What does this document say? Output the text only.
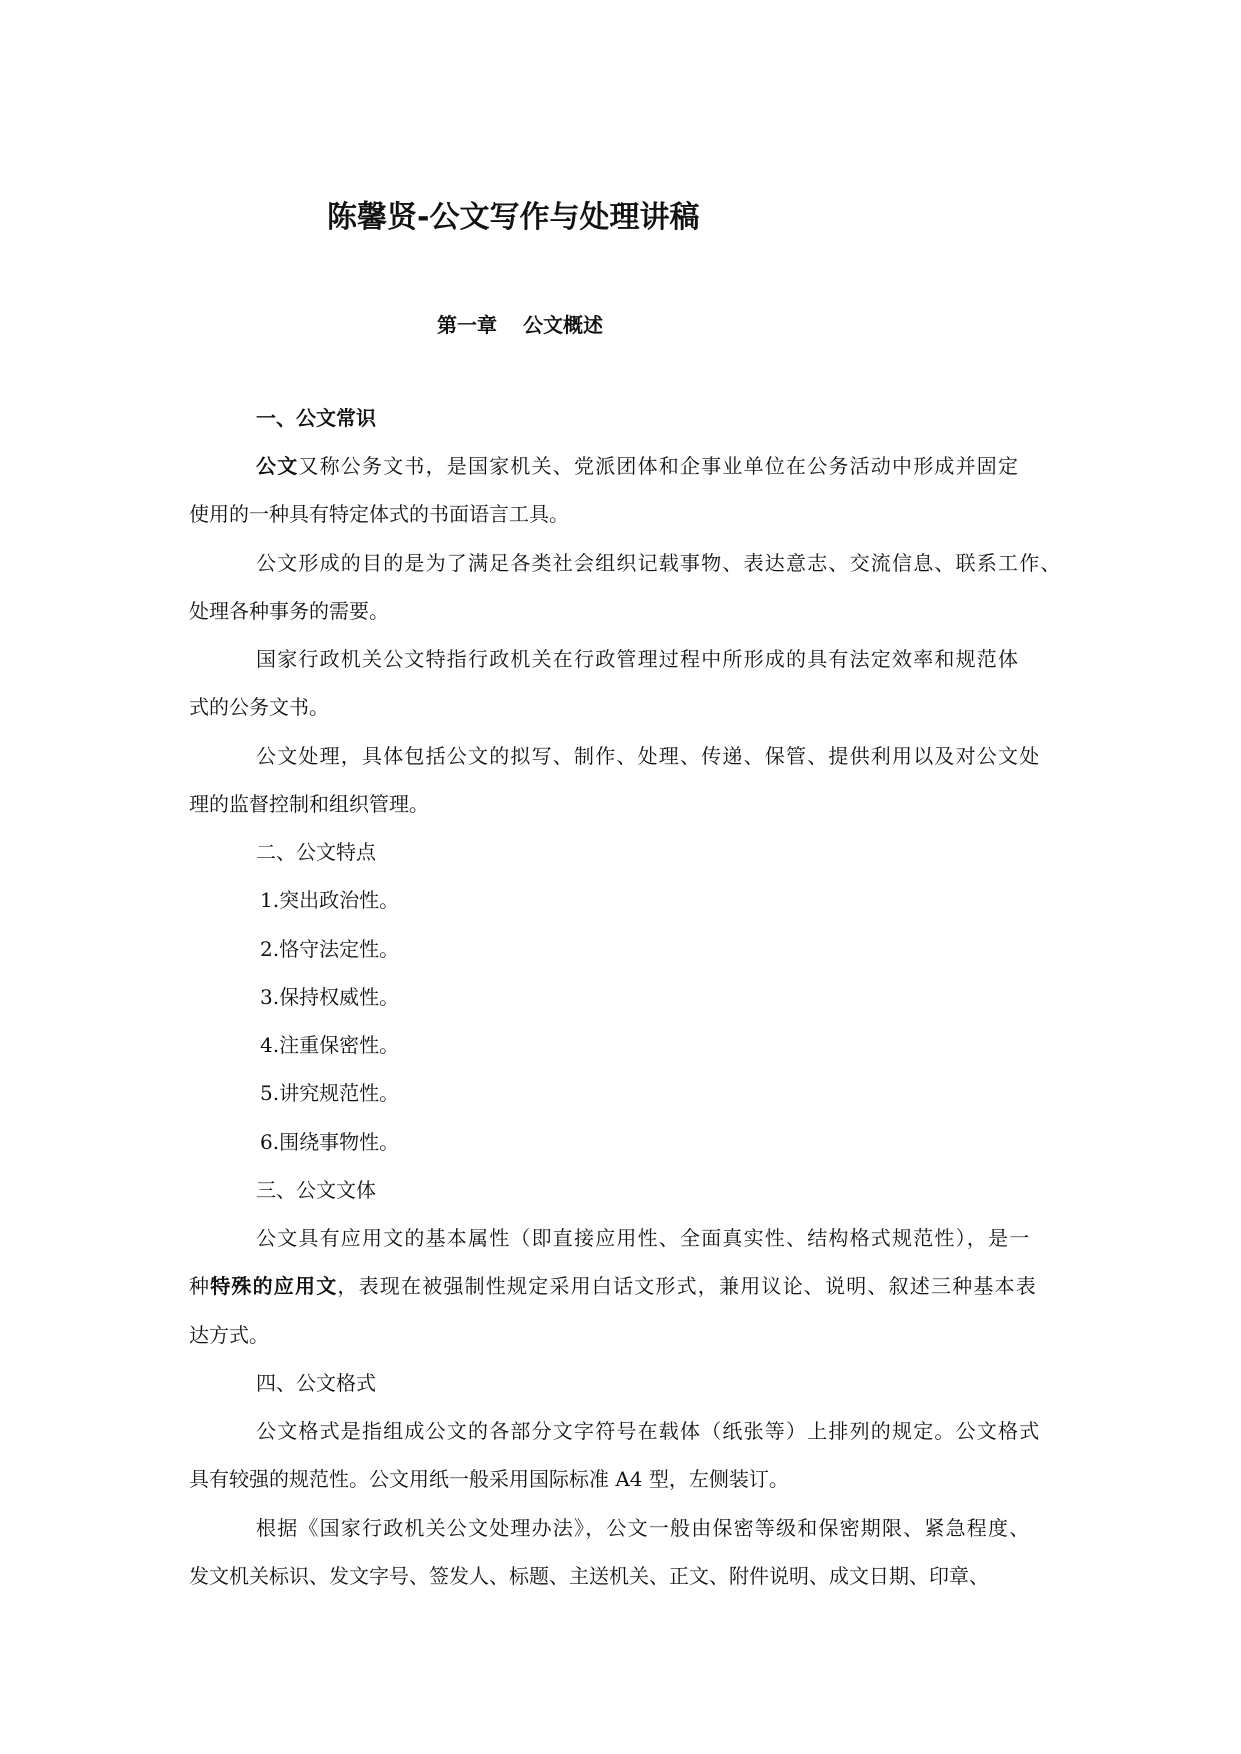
陈馨贤-公文写作与处理讲稿
第一章 公文概述
一、公文常识
公文又称公务文书，是国家机关、党派团体和企事业单位在公务活动中形成并固定
使用的一种具有特定体式的书面语言工具。
公文形成的目的是为了满足各类社会组织记载事物、表达意志、交流信息、联系工作、
处理各种事务的需要。
国家行政机关公文特指行政机关在行政管理过程中所形成的具有法定效率和规范体
式的公务文书。
公文处理，具体包括公文的拟写、制作、处理、传递、保管、提供利用以及对公文处
理的监督控制和组织管理。
二、公文特点
1.突出政治性。
2.恪守法定性。
3.保持权威性。
4.注重保密性。
5.讲究规范性。
6.围绕事物性。
三、公文文体
公文具有应用文的基本属性（即直接应用性、全面真实性、结构格式规范性），是一
种特殊的应用文，表现在被强制性规定采用白话文形式，兼用议论、说明、叙述三种基本表
达方式。
四、公文格式
公文格式是指组成公文的各部分文字符号在载体（纸张等）上排列的规定。公文格式
具有较强的规范性。公文用纸一般采用国际标准 A4 型，左侧装订。
根据《国家行政机关公文处理办法》，公文一般由保密等级和保密期限、紧急程度、
发文机关标识、发文字号、签发人、标题、主送机关、正文、附件说明、成文日期、印章、
